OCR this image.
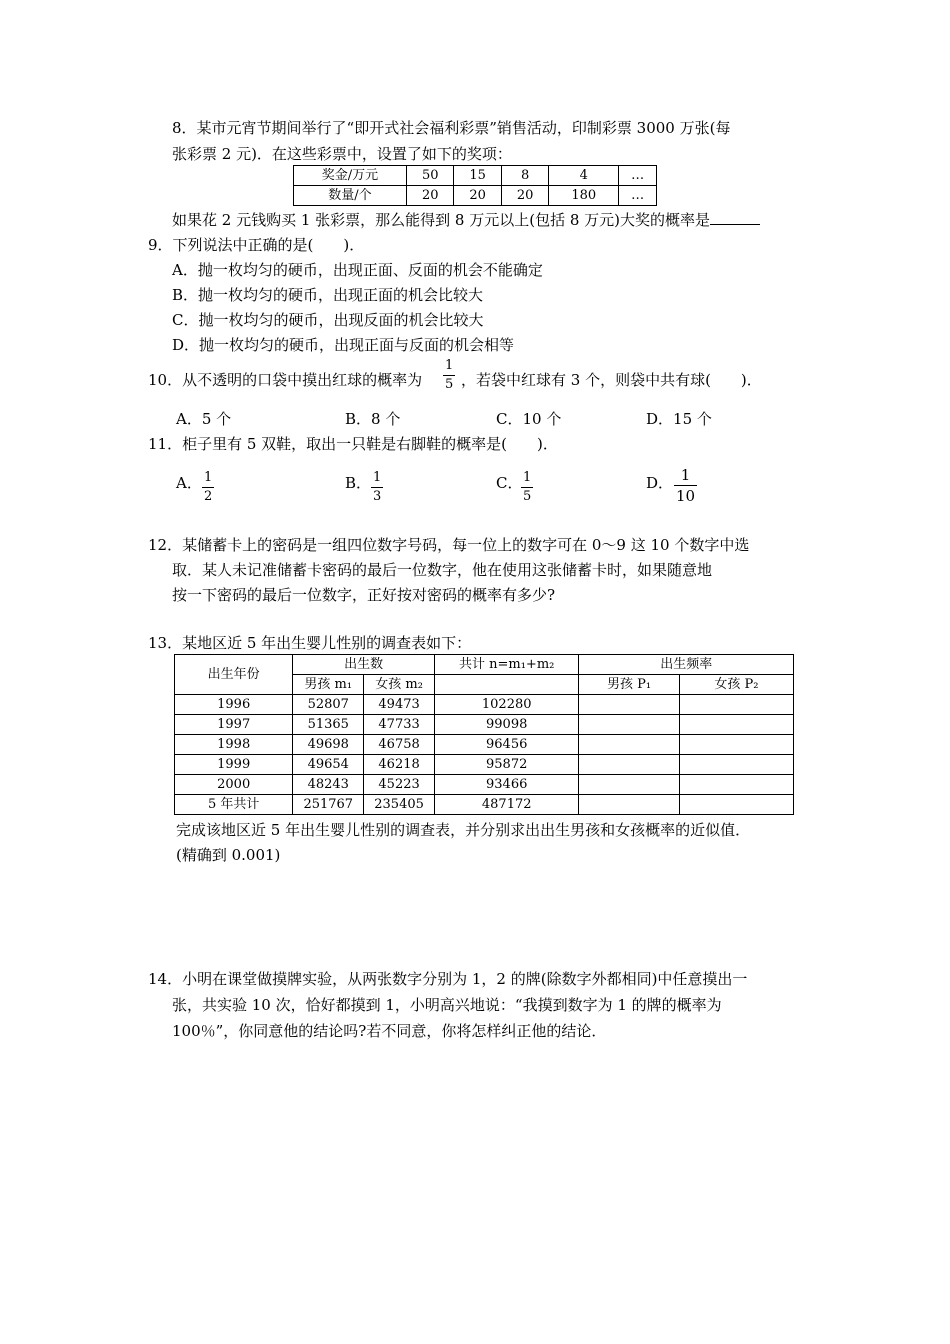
8．某市元宵节期间举行了“即开式社会福利彩票”销售活动，印制彩票 3000 万张(每
张彩票 2 元)．在这些彩票中，设置了如下的奖项：
奖金/万元	50	15	8	4	…
数量/个	20	20	20	180	…
如果花 2 元钱购买 1 张彩票，那么能得到 8 万元以上(包括 8 万元)大奖的概率是
9．下列说法中正确的是(　　)．
A．抛一枚均匀的硬币，出现正面、反面的机会不能确定
B．抛一枚均匀的硬币，出现正面的机会比较大
C．抛一枚均匀的硬币，出现反面的机会比较大
D．抛一枚均匀的硬币，出现正面与反面的机会相等
10．从不透明的口袋中摸出红球的概率为
1
5 ，若袋中红球有 3 个，则袋中共有球(　　)．
A．5 个	B．8 个	C．10 个	D．15 个
11．柜子里有 5 双鞋，取出一只鞋是右脚鞋的概率是(　　)．
A． 1
2
B． 1
3
C． 1
5
D． 1
10
12．某储蓄卡上的密码是一组四位数字号码，每一位上的数字可在 0～9 这 10 个数字中选
取．某人未记准储蓄卡密码的最后一位数字，他在使用这张储蓄卡时，如果随意地
按一下密码的最后一位数字，正好按对密码的概率有多少?
13．某地区近 5 年出生婴儿性别的调查表如下：
出生年份	出生数		共计 n=m₁+m₂	出生频率	
	男孩 m₁	女孩 m₂		男孩 P₁	女孩 P₂
1996	52807	49473	102280		
1997	51365	47733	99098		
1998	49698	46758	96456		
1999	49654	46218	95872		
2000	48243	45223	93466		
5 年共计	251767	235405	487172		
完成该地区近 5 年出生婴儿性别的调查表，并分别求出出生男孩和女孩概率的近似值．
(精确到 0.001)
14．小明在课堂做摸牌实验，从两张数字分别为 1，2 的牌(除数字外都相同)中任意摸出一
张，共实验 10 次，恰好都摸到 1，小明高兴地说：“我摸到数字为 1 的牌的概率为
100％”，你同意他的结论吗?若不同意，你将怎样纠正他的结论．
